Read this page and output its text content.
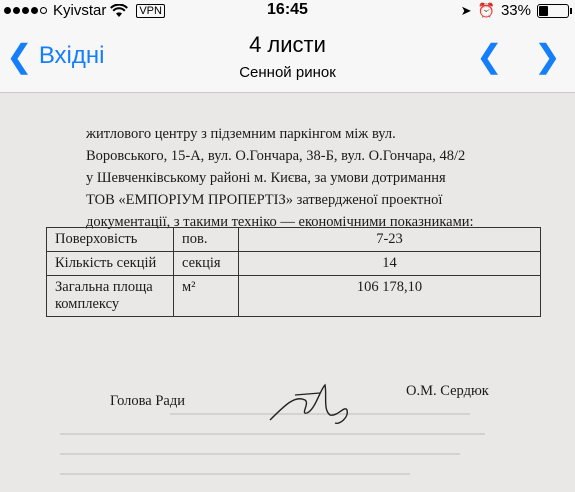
Kyivstar	VPN	16:45	➤ ⏰ 33%
❮ Вхідні	4 листи
Сенной ринок	❮ ❯
житлового центру з підземним паркінгом між вул.
Воровського, 15-А, вул. О.Гончара, 38-Б, вул. О.Гончара, 48/2
у Шевченківському районі м. Києва, за умови дотримання
ТОВ «ЕМПОРІУМ ПРОПЕРТІЗ» затвердженої проектної
документації, з такими техніко — економічними показниками:
Поверховість	пов.	7-23
Кількість секцій	секція	14
Загальна площа комплексу	м²	106 178,10
Голова Ради
О.М. Сердюк
